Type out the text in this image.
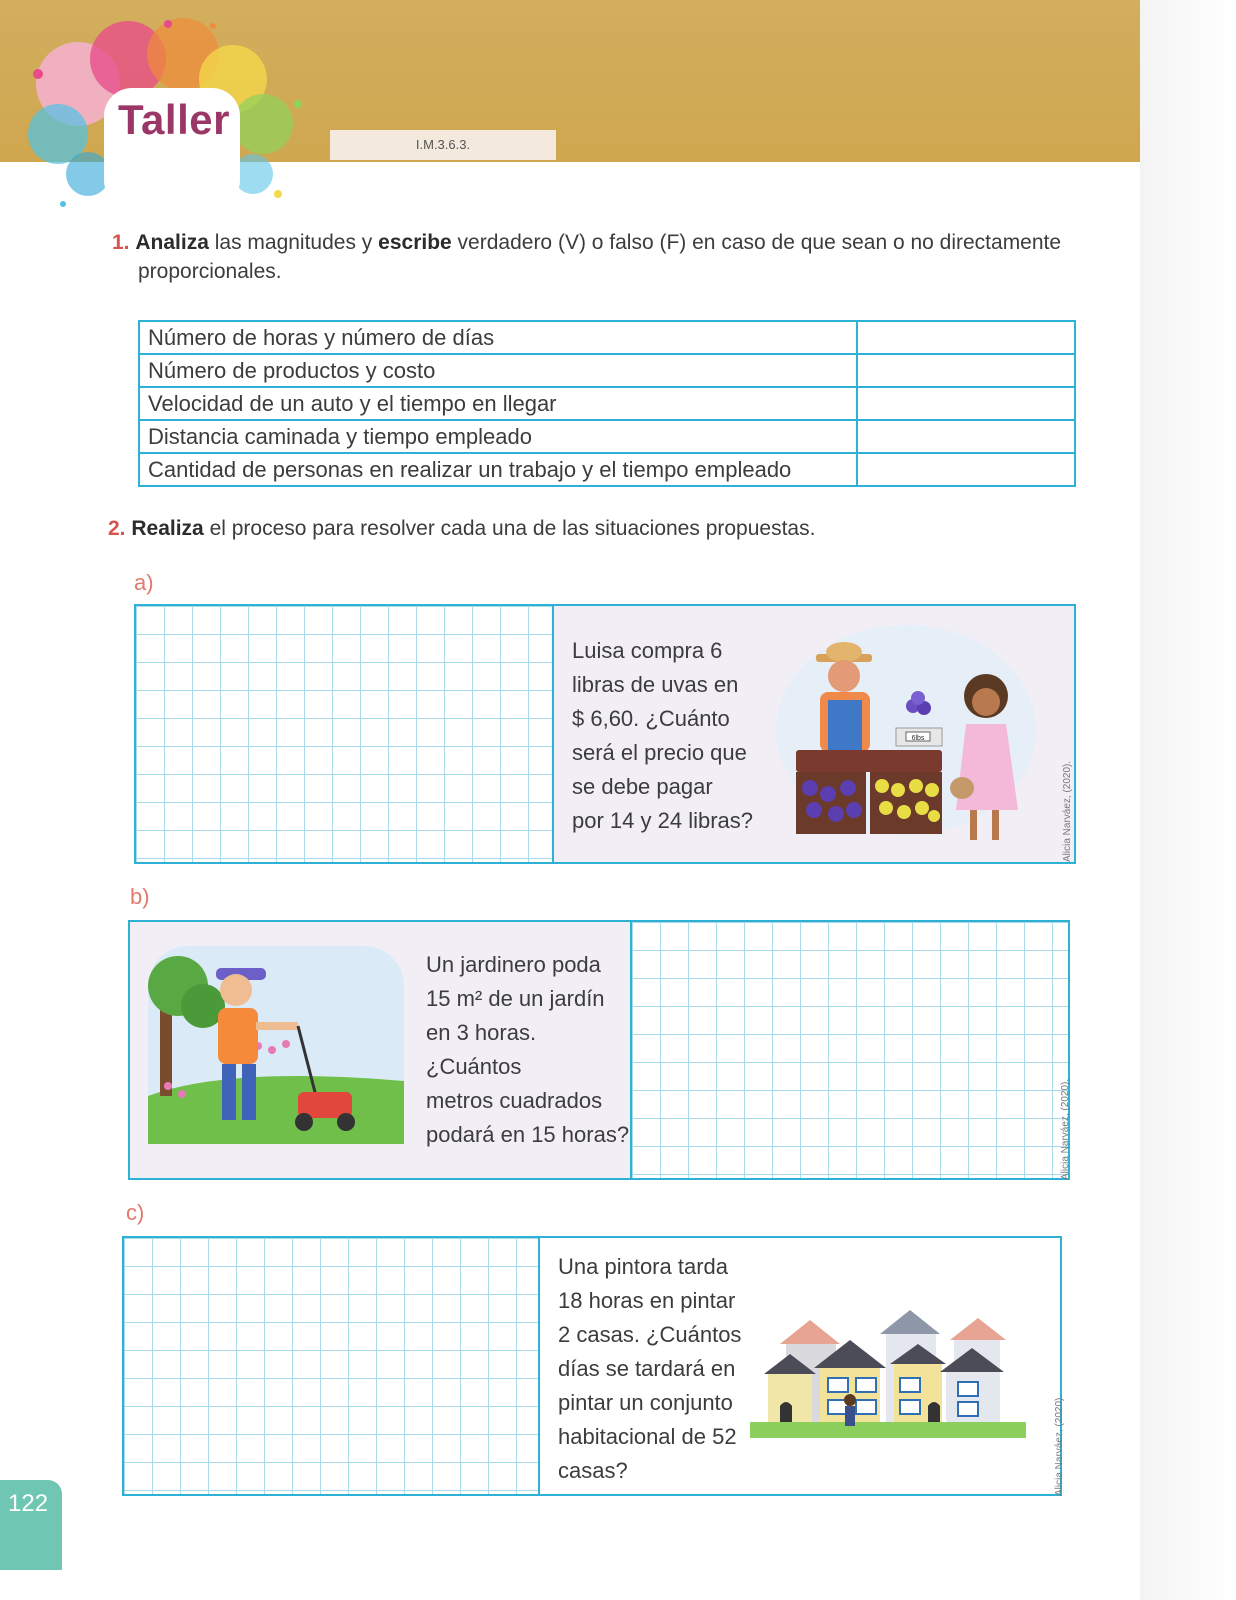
Taller
I.M.3.6.3.
1. Analiza las magnitudes y escribe verdadero (V) o falso (F) en caso de que sean o no directamente
proporcionales.
Número de horas y número de días	
Número de productos y costo	
Velocidad de un auto y el tiempo en llegar	
Distancia caminada y tiempo empleado	
Cantidad de personas en realizar un trabajo y el tiempo empleado	
2. Realiza el proceso para resolver cada una de las situaciones propuestas.
a)
Luisa compra 6
libras de uvas en
$ 6,60. ¿Cuánto
será el precio que
se debe pagar
por 14 y 24 libras?
6lbs
Alicia Narváez, (2020).
b)
Un jardinero poda
15 m² de un jardín
en 3 horas. ¿Cuántos
metros cuadrados
podará en 15 horas?	Alicia Narváez, (2020).
c)
Una pintora tarda
18 horas en pintar
2 casas. ¿Cuántos
días se tardará en
pintar un conjunto
habitacional de 52
casas?	Alicia Narváez, (2020).
122
